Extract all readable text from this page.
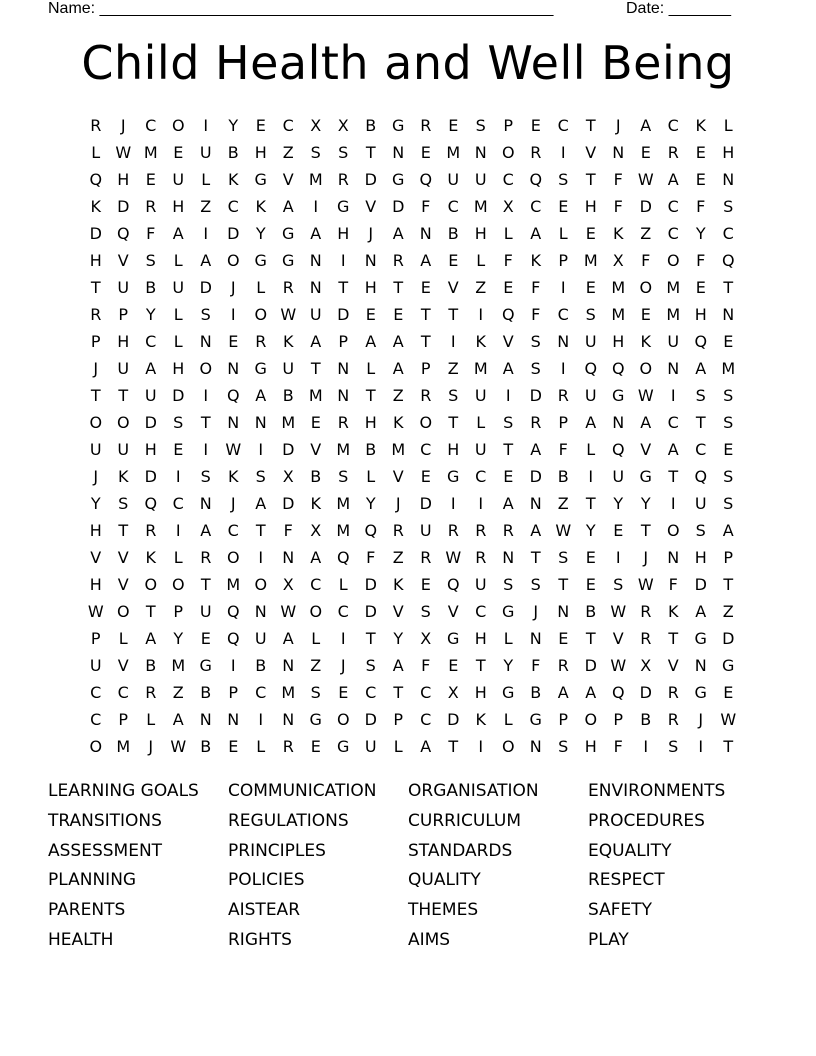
Name: ___________________________________________________	Date: _______
Child Health and Well Being
R	J	C O	I	Y	E	C	X	X	B G R	E	S	P	E	C	T	J	A	C	K	L
L W M E	U	B	H	Z	S	S	T	N	E M N O R	I	V	N	E	R	E	H
Q H	E	U	L	K	G V M R D G Q U U	C Q	S	T	F W A	E	N
K	D R H	Z	C	K	A	I	G V D	F	C M X	C	E	H	F	D C	F	S
D Q	F	A	I	D	Y	G A	H	J	A	N	B	H	L	A	L	E	K	Z	C	Y	C
H	V	S	L	A O G G N	I	N R	A	E	L	F	K	P M X	F	O	F	Q
T	U	B	U D	J	L	R N	T	H	T	E	V	Z	E	F	I	E M O M E	T
R	P	Y	L	S	I	O W U D	E	E	T	T	I	Q	F	C	S M E M H N
P	H C	L	N	E	R	K	A	P	A	A	T	I	K	V	S	N U H	K	U Q	E
J	U	A	H O N G U	T	N	L	A	P	Z M A	S	I	Q Q O N	A M
T	T	U D	I	Q A	B M N	T	Z	R	S	U	I	D R	U G W	I	S	S
O O D	S	T	N N M E	R H	K O	T	L	S	R	P	A	N	A	C	T	S
U U H	E	I	W	I	D V M B M C H U	T	A	F	L	Q V	A	C	E
J	K	D	I	S	K	S	X	B	S	L	V	E	G C	E	D B	I	U G	T	Q	S
Y	S	Q C N	J	A D	K M Y	J	D	I	I	A	N	Z	T	Y	Y	I	U	S
H	T	R	I	A	C	T	F	X M Q R	U	R	R	R	A W Y	E	T	O	S	A
V	V	K	L	R O	I	N	A Q	F	Z	R W R N	T	S	E	I	J	N H	P
H	V O O	T M O X	C	L	D	K	E	Q U	S	S	T	E	S W F	D	T
W O	T	P	U Q N W O C D V	S	V	C G	J	N	B W R	K	A	Z
P	L	A	Y	E	Q U	A	L	I	T	Y	X G H	L	N	E	T	V	R	T	G D
U	V	B M G	I	B	N	Z	J	S	A	F	E	T	Y	F	R D W X	V	N G
C	C	R	Z	B	P	C M S	E	C	T	C	X	H G B	A	A Q D R G	E
C	P	L	A	N N	I	N G O D	P	C D	K	L	G	P	O	P	B	R	J	W
O M	J	W B	E	L	R	E	G U	L	A	T	I	O N	S	H	F	I	S	I	T
LEARNING GOALS	COMMUNICATION	ORGANISATION	ENVIRONMENTS
TRANSITIONS	REGULATIONS	CURRICULUM	PROCEDURES
ASSESSMENT	PRINCIPLES	STANDARDS	EQUALITY
PLANNING	POLICIES	QUALITY	RESPECT
PARENTS	AISTEAR	THEMES	SAFETY
HEALTH	RIGHTS	AIMS	PLAY
